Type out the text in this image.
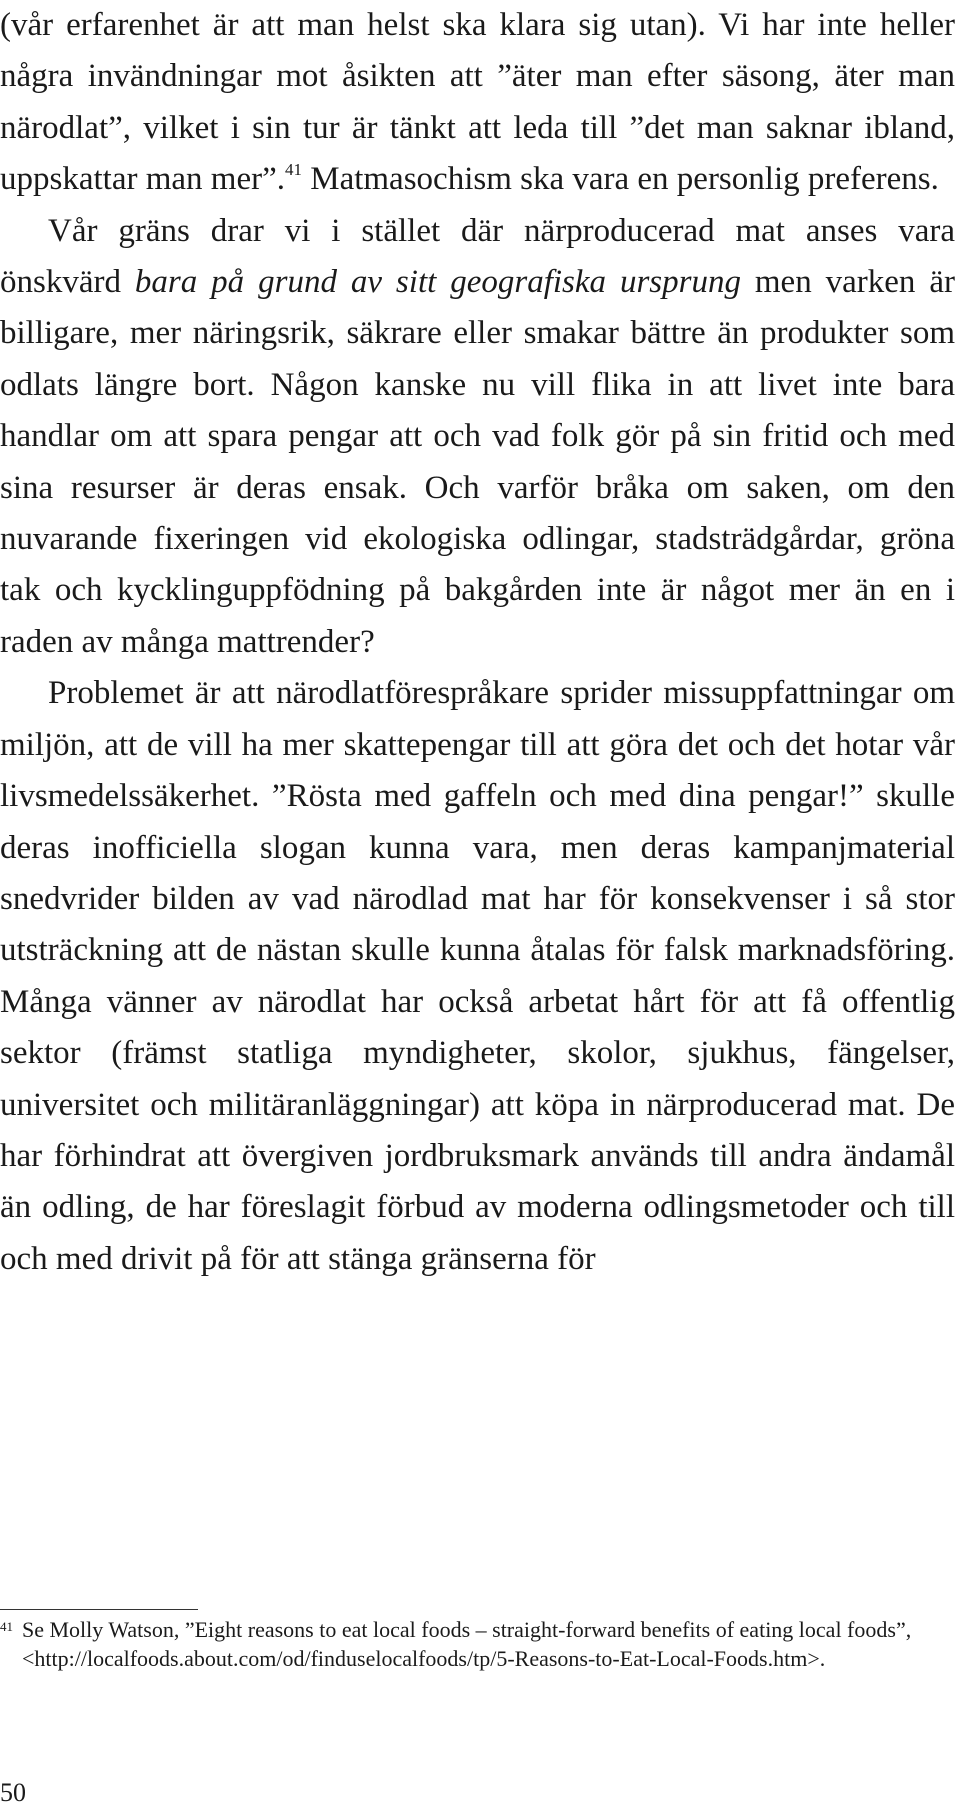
(vår erfarenhet är att man helst ska klara sig utan). Vi har inte heller några invändningar mot åsikten att ”äter man efter säsong, äter man närodlat”, vilket i sin tur är tänkt att leda till ”det man saknar ibland, uppskattar man mer”.$^{41}$ Matmasochism ska vara en personlig preferens.

Vår gräns drar vi i stället där närproducerad mat anses vara önskvärd bara på grund av sitt geografiska ursprung men varken är billigare, mer näringsrik, säkrare eller smakar bättre än produkter som odlats längre bort. Någon kanske nu vill flika in att livet inte bara handlar om att spara pengar att och vad folk gör på sin fritid och med sina resurser är deras ensak. Och varför bråka om saken, om den nuvarande fixeringen vid ekologiska odlingar, stadsträdgårdar, gröna tak och kycklinguppfödning på bakgården inte är något mer än en i raden av många mattrender?

Problemet är att närodlatförespråkare sprider missuppfattningar om miljön, att de vill ha mer skattepengar till att göra det och det hotar vår livsmedelssäkerhet. ”Rösta med gaffeln och med dina pengar!” skulle deras inofficiella slogan kunna vara, men deras kampanjmaterial snedvrider bilden av vad närodlad mat har för konsekvenser i så stor utsträckning att de nästan skulle kunna åtalas för falsk marknadsföring. Många vänner av närodlat har också arbetat hårt för att få offentlig sektor (främst statliga myndigheter, skolor, sjukhus, fängelser, universitet och militäranläggningar) att köpa in närproducerad mat. De har förhindrat att övergiven jordbruksmark används till andra ändamål än odling, de har föreslagit förbud av moderna odlingsmetoder och till och med drivit på för att stänga gränserna för

41 Se Molly Watson, ”Eight reasons to eat local foods – straight-forward benefits of eating local foods”,
<http://localfoods.about.com/od/finduselocalfoods/tp/5-Reasons-to-Eat-Local-Foods.htm>.
50
